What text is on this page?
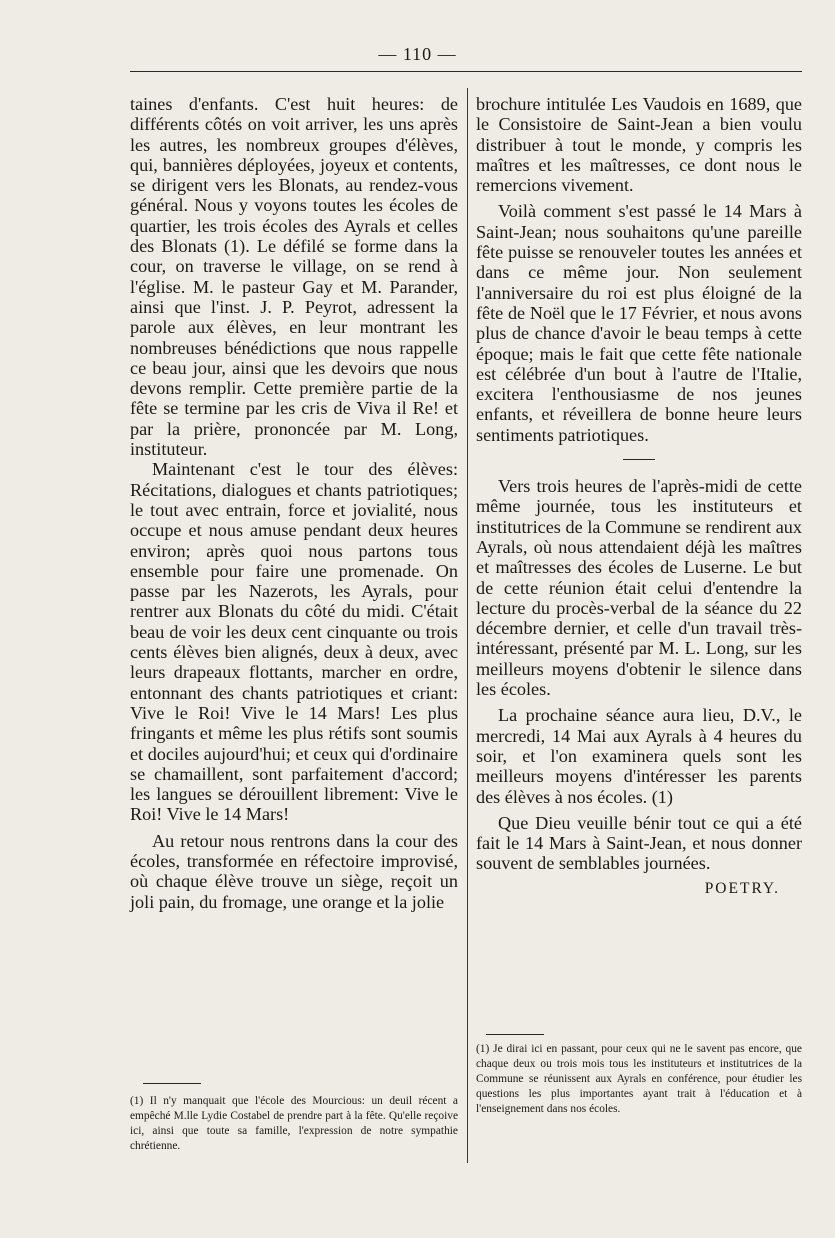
— 110 —

taines d'enfants. C'est huit heures: de différents côtés on voit arriver, les uns après les autres, les nombreux groupes d'élèves, qui, bannières déployées, joyeux et contents, se dirigent vers les Blonats, au rendez-vous général. Nous y voyons toutes les écoles de quartier, les trois écoles des Ayrals et celles des Blonats (1). Le défilé se forme dans la cour, on traverse le village, on se rend à l'église. M. le pasteur Gay et M. Parander, ainsi que l'inst. J. P. Peyrot, adressent la parole aux élèves, en leur montrant les nombreuses bénédictions que nous rappelle ce beau jour, ainsi que les devoirs que nous devons remplir. Cette première partie de la fête se termine par les cris de Viva il Re! et par la prière, prononcée par M. Long, instituteur.

Maintenant c'est le tour des élèves: Récitations, dialogues et chants patriotiques; le tout avec entrain, force et jovialité, nous occupe et nous amuse pendant deux heures environ; après quoi nous partons tous ensemble pour faire une promenade. On passe par les Nazerots, les Ayrals, pour rentrer aux Blonats du côté du midi. C'était beau de voir les deux cent cinquante ou trois cents élèves bien alignés, deux à deux, avec leurs drapeaux flottants, marcher en ordre, entonnant des chants patriotiques et criant: Vive le Roi! Vive le 14 Mars! Les plus fringants et même les plus rétifs sont soumis et dociles aujourd'hui; et ceux qui d'ordinaire se chamaillent, sont parfaitement d'accord; les langues se dérouillent librement: Vive le Roi! Vive le 14 Mars!

Au retour nous rentrons dans la cour des écoles, transformée en réfectoire improvisé, où chaque élève trouve un siège, reçoit un joli pain, du fromage, une orange et la jolie

brochure intitulée Les Vaudois en 1689, que le Consistoire de Saint-Jean a bien voulu distribuer à tout le monde, y compris les maîtres et les maîtresses, ce dont nous le remercions vivement.

Voilà comment s'est passé le 14 Mars à Saint-Jean; nous souhaitons qu'une pareille fête puisse se renouveler toutes les années et dans ce même jour. Non seulement l'anniversaire du roi est plus éloigné de la fête de Noël que le 17 Février, et nous avons plus de chance d'avoir le beau temps à cette époque; mais le fait que cette fête nationale est célébrée d'un bout à l'autre de l'Italie, excitera l'enthousiasme de nos jeunes enfants, et réveillera de bonne heure leurs sentiments patriotiques.

Vers trois heures de l'après-midi de cette même journée, tous les instituteurs et institutrices de la Commune se rendirent aux Ayrals, où nous attendaient déjà les maîtres et maîtresses des écoles de Luserne. Le but de cette réunion était celui d'entendre la lecture du procès-verbal de la séance du 22 décembre dernier, et celle d'un travail très-intéressant, présenté par M. L. Long, sur les meilleurs moyens d'obtenir le silence dans les écoles.

La prochaine séance aura lieu, D.V., le mercredi, 14 Mai aux Ayrals à 4 heures du soir, et l'on examinera quels sont les meilleurs moyens d'intéresser les parents des élèves à nos écoles. (1)

Que Dieu veuille bénir tout ce qui a été fait le 14 Mars à Saint-Jean, et nous donner souvent de semblables journées.

POETRY.

(1) Il n'y manquait que l'école des Mourcious: un deuil récent a empêché M.lle Lydie Costabel de prendre part à la fête. Qu'elle reçoive ici, ainsi que toute sa famille, l'expression de notre sympathie chrétienne.

(1) Je dirai ici en passant, pour ceux qui ne le savent pas encore, que chaque deux ou trois mois tous les instituteurs et institutrices de la Commune se réunissent aux Ayrals en conférence, pour étudier les questions les plus importantes ayant trait à l'éducation et à l'enseignement dans nos écoles.
